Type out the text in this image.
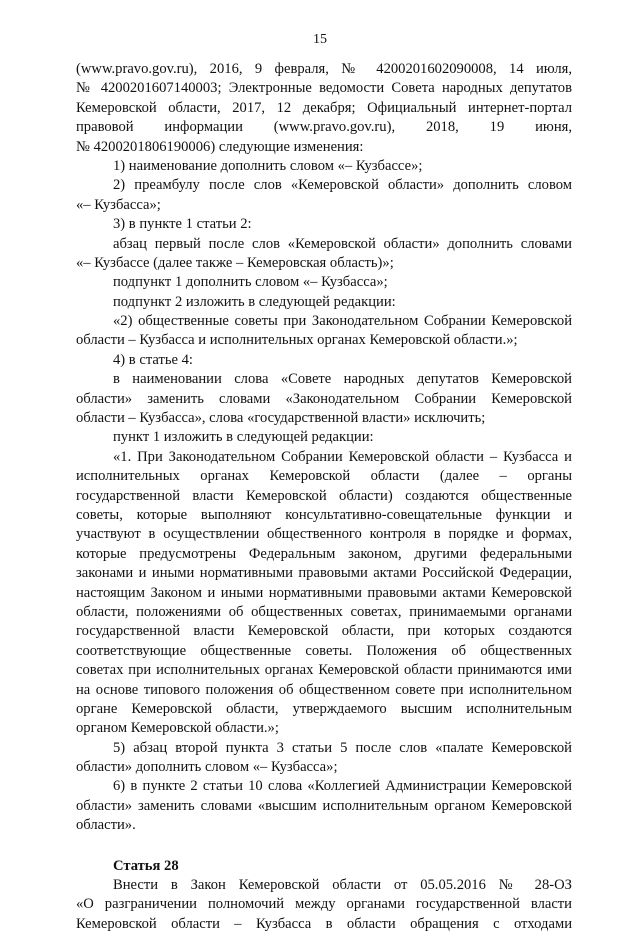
15
(www.pravo.gov.ru), 2016, 9 февраля, № 4200201602090008, 14 июля,
№ 4200201607140003; Электронные ведомости Совета народных депутатов
Кемеровской области, 2017, 12 декабря; Официальный интернет-портал
правовой информации (www.pravo.gov.ru), 2018, 19 июня,
№ 4200201806190006) следующие изменения:
1) наименование дополнить словом «– Кузбассе»;
2) преамбулу после слов «Кемеровской области» дополнить словом
«– Кузбасса»;
3) в пункте 1 статьи 2:
абзац первый после слов «Кемеровской области» дополнить словами
«– Кузбассе (далее также – Кемеровская область)»;
подпункт 1 дополнить словом «– Кузбасса»;
подпункт 2 изложить в следующей редакции:
«2) общественные советы при Законодательном Собрании Кемеровской
области – Кузбасса и исполнительных органах Кемеровской области.»;
4) в статье 4:
в наименовании слова «Совете народных депутатов Кемеровской
области» заменить словами «Законодательном Собрании Кемеровской
области – Кузбасса», слова «государственной власти» исключить;
пункт 1 изложить в следующей редакции:
«1. При Законодательном Собрании Кемеровской области – Кузбасса и
исполнительных органах Кемеровской области (далее – органы
государственной власти Кемеровской области) создаются общественные
советы, которые выполняют консультативно-совещательные функции и
участвуют в осуществлении общественного контроля в порядке и формах,
которые предусмотрены Федеральным законом, другими федеральными
законами и иными нормативными правовыми актами Российской Федерации,
настоящим Законом и иными нормативными правовыми актами Кемеровской
области, положениями об общественных советах, принимаемыми органами
государственной власти Кемеровской области, при которых создаются
соответствующие общественные советы. Положения об общественных
советах при исполнительных органах Кемеровской области принимаются ими
на основе типового положения об общественном совете при исполнительном
органе Кемеровской области, утверждаемого высшим исполнительным
органом Кемеровской области.»;
5) абзац второй пункта 3 статьи 5 после слов «палате Кемеровской
области» дополнить словом «– Кузбасса»;
6) в пункте 2 статьи 10 слова «Коллегией Администрации Кемеровской
области» заменить словами «высшим исполнительным органом Кемеровской
области».
Статья 28
Внести в Закон Кемеровской области от 05.05.2016 № 28-ОЗ
«О разграничении полномочий между органами государственной власти
Кемеровской области – Кузбасса в области обращения с отходами
